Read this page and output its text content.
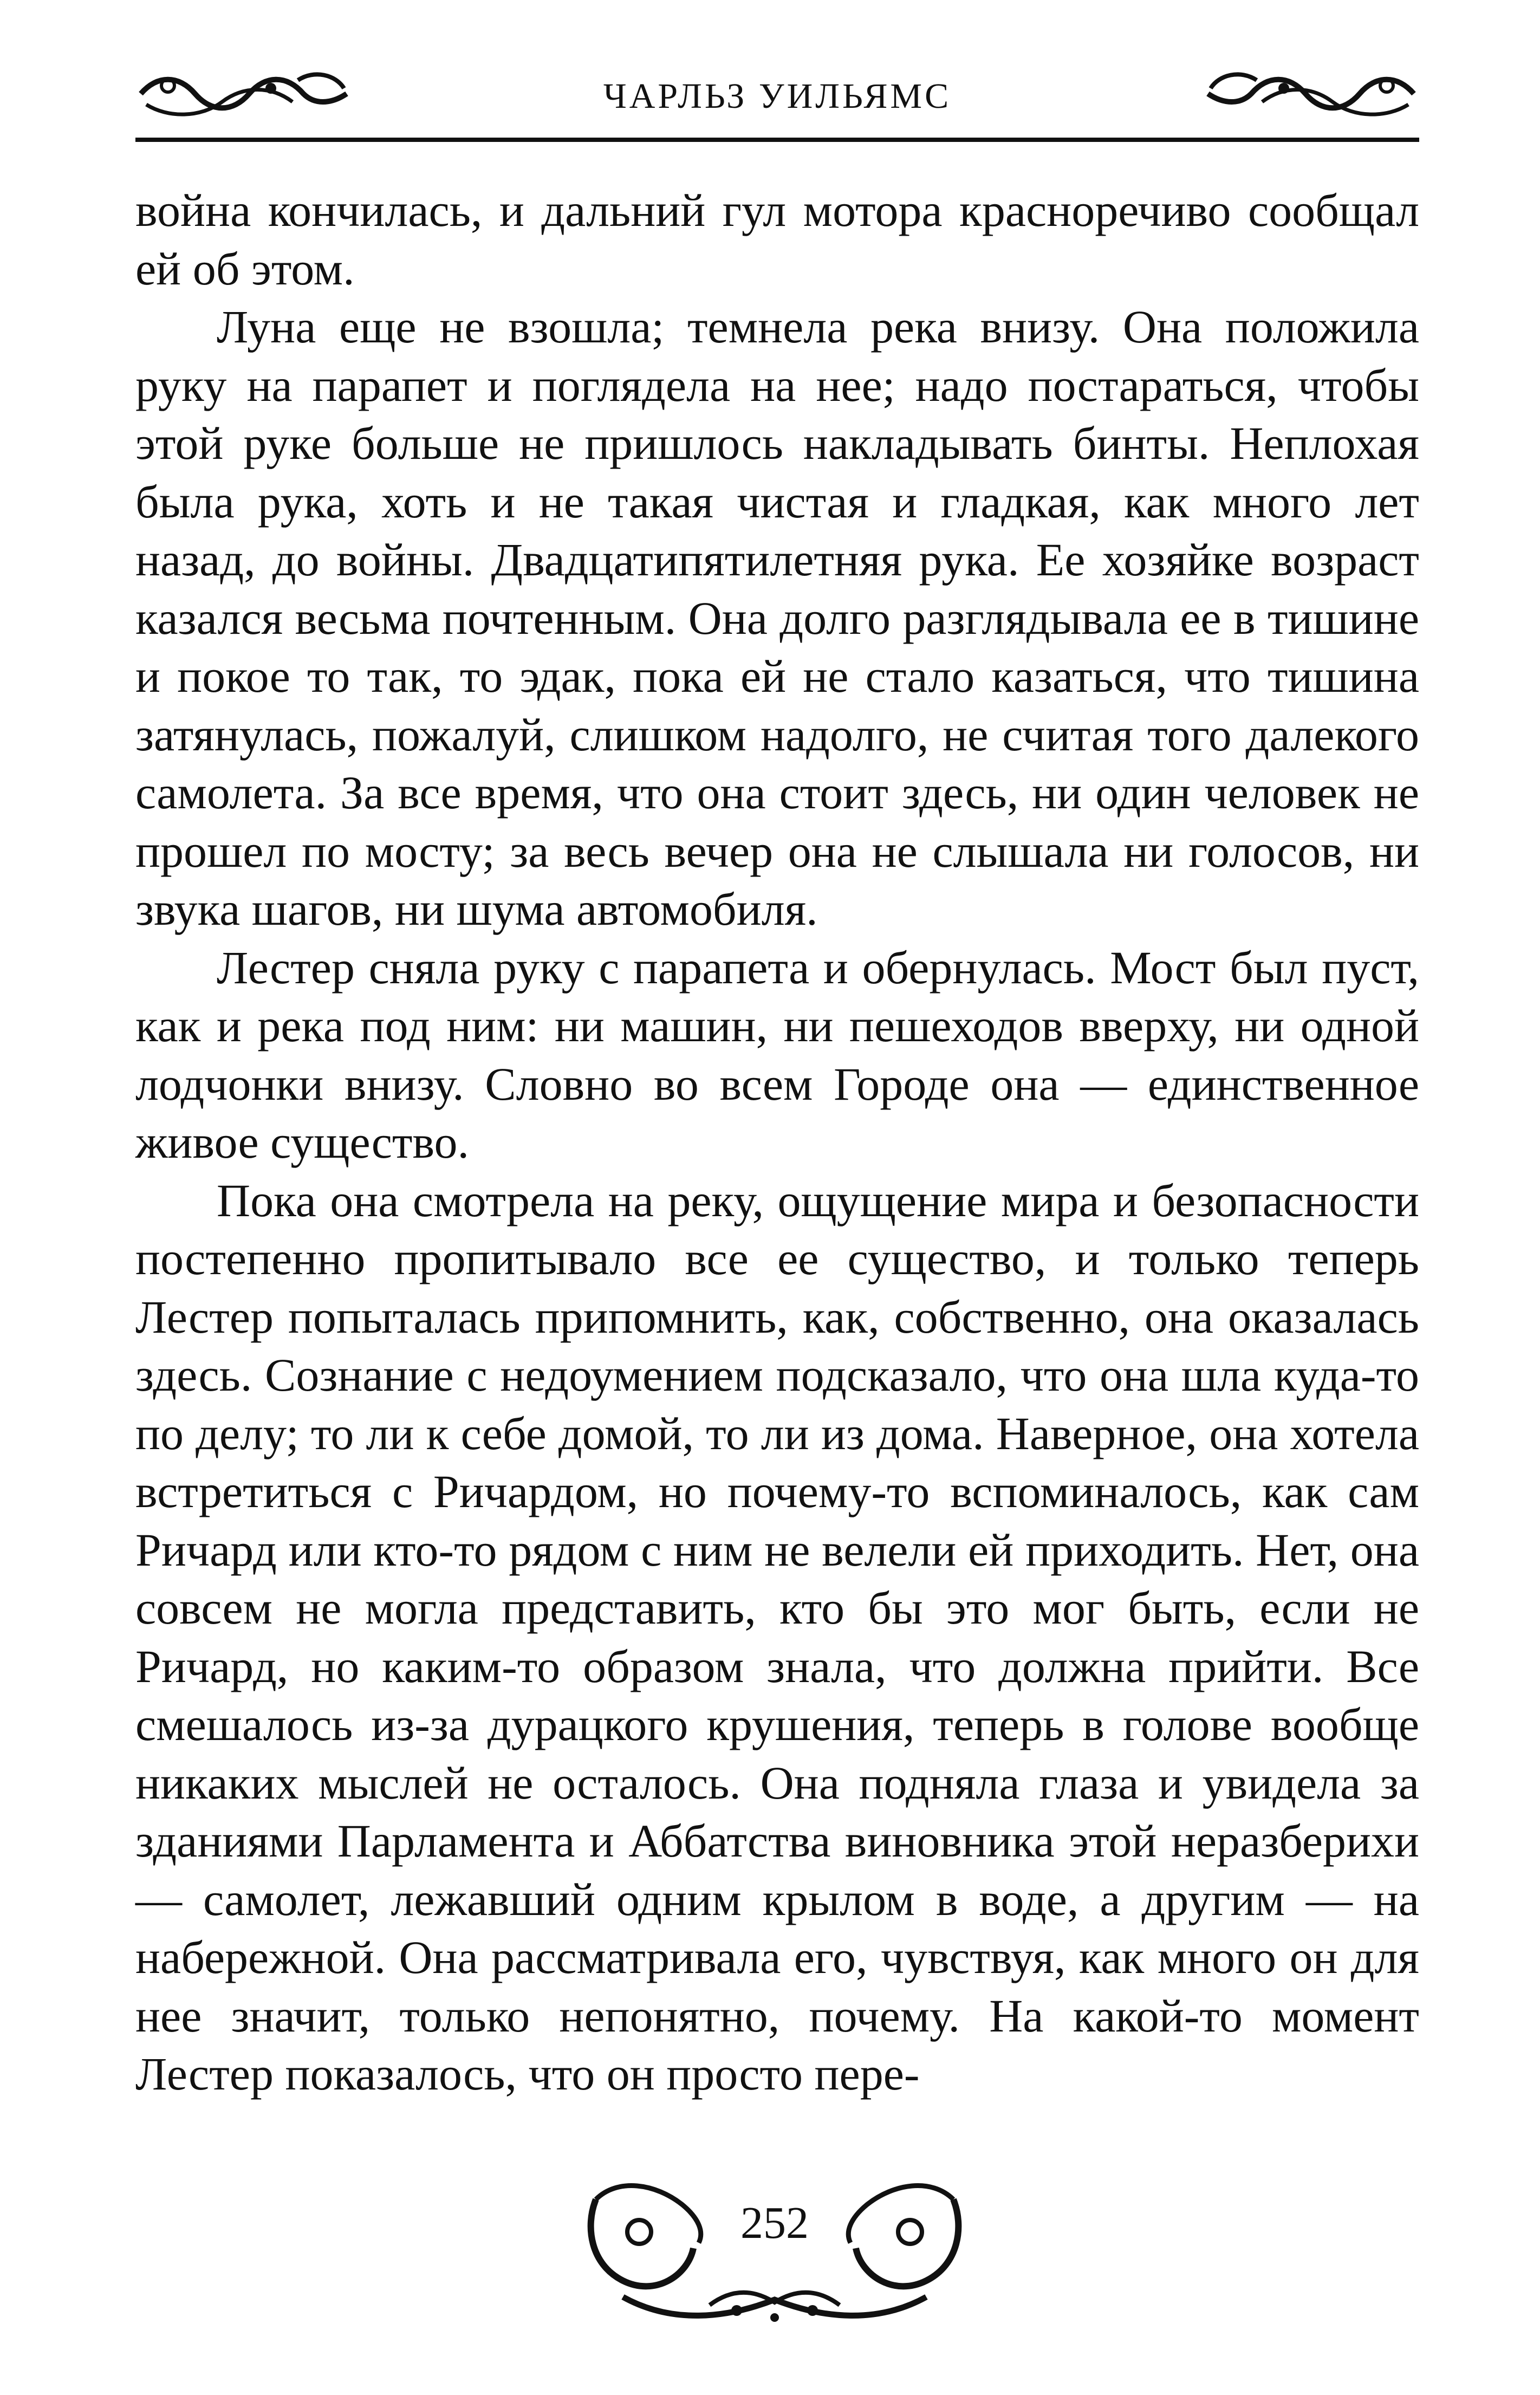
ЧАРЛЬЗ УИЛЬЯМС

война кончилась, и дальний гул мотора красноречиво сообщал ей об этом.

Луна еще не взошла; темнела река внизу. Она положила руку на парапет и поглядела на нее; надо постараться, чтобы этой руке больше не пришлось накладывать бинты. Неплохая была рука, хоть и не такая чистая и гладкая, как много лет назад, до войны. Двадцатипятилетняя рука. Ее хозяйке возраст казался весьма почтенным. Она долго разглядывала ее в тишине и покое то так, то эдак, пока ей не стало казаться, что тишина затянулась, пожалуй, слишком надолго, не считая того далекого самолета. За все время, что она стоит здесь, ни один человек не прошел по мосту; за весь вечер она не слышала ни голосов, ни звука шагов, ни шума автомобиля.

Лестер сняла руку с парапета и обернулась. Мост был пуст, как и река под ним: ни машин, ни пешеходов вверху, ни одной лодчонки внизу. Словно во всем Городе она — единственное живое существо.

Пока она смотрела на реку, ощущение мира и безопасности постепенно пропитывало все ее существо, и только теперь Лестер попыталась припомнить, как, собственно, она оказалась здесь. Сознание с недоумением подсказало, что она шла куда-то по делу; то ли к себе домой, то ли из дома. Наверное, она хотела встретиться с Ричардом, но почему-то вспоминалось, как сам Ричард или кто-то рядом с ним не велели ей приходить. Нет, она совсем не могла представить, кто бы это мог быть, если не Ричард, но каким-то образом знала, что должна прийти. Все смешалось из-за дурацкого крушения, теперь в голове вообще никаких мыслей не осталось. Она подняла глаза и увидела за зданиями Парламента и Аббатства виновника этой неразберихи — самолет, лежавший одним крылом в воде, а другим — на набережной. Она рассматривала его, чувствуя, как много он для нее значит, только непонятно, почему. На какой-то момент Лестер показалось, что он просто пере-

252
